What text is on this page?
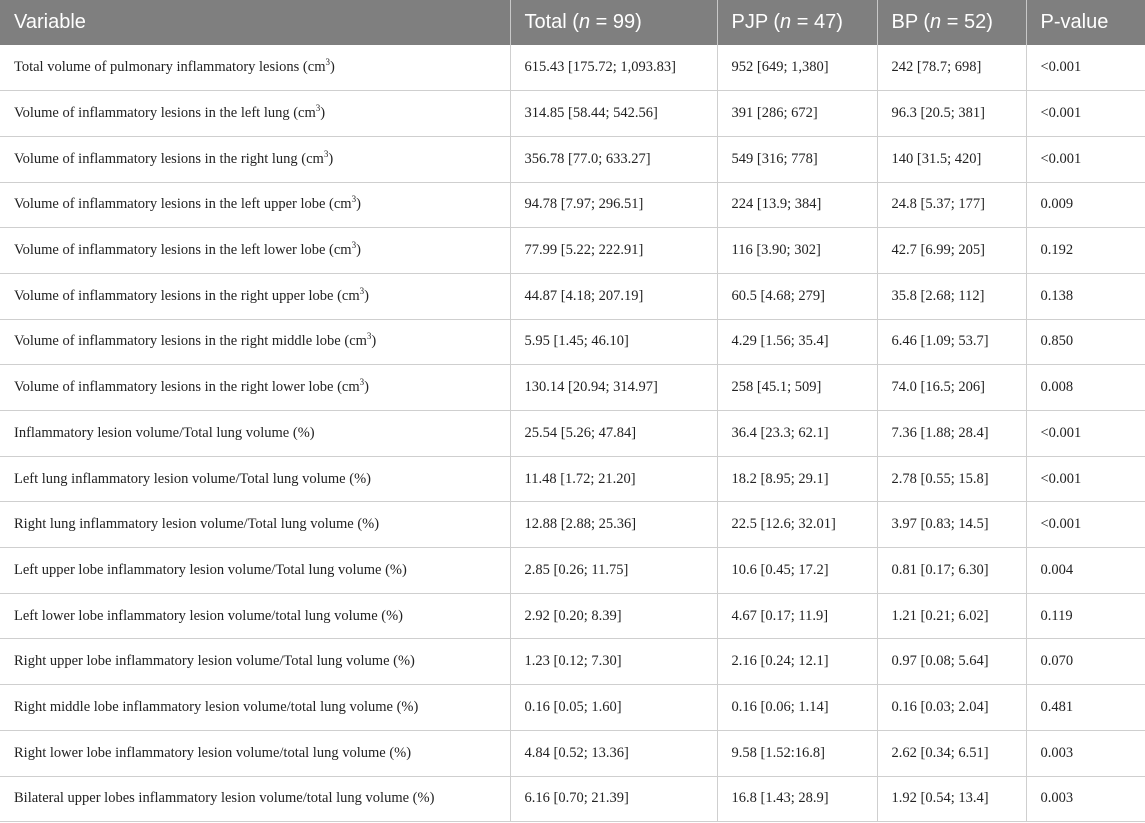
Variable	Total (n = 99)	PJP (n = 47)	BP (n = 52)	P-value
Total volume of pulmonary inflammatory lesions $(cm^3)$	615.43 [175.72; 1,093.83]	952 [649; 1,380]	242 [78.7; 698]	<0.001
Volume of inflammatory lesions in the left lung $(cm^3)$	314.85 [58.44; 542.56]	391 [286; 672]	96.3 [20.5; 381]	<0.001
Volume of inflammatory lesions in the right lung $(cm^3)$	356.78 [77.0; 633.27]	549 [316; 778]	140 [31.5; 420]	<0.001
Volume of inflammatory lesions in the left upper lobe $(cm^3)$	94.78 [7.97; 296.51]	224 [13.9; 384]	24.8 [5.37; 177]	0.009
Volume of inflammatory lesions in the left lower lobe $(cm^3)$	77.99 [5.22; 222.91]	116 [3.90; 302]	42.7 [6.99; 205]	0.192
Volume of inflammatory lesions in the right upper lobe $(cm^3)$	44.87 [4.18; 207.19]	60.5 [4.68; 279]	35.8 [2.68; 112]	0.138
Volume of inflammatory lesions in the right middle lobe $(cm^3)$	5.95 [1.45; 46.10]	4.29 [1.56; 35.4]	6.46 [1.09; 53.7]	0.850
Volume of inflammatory lesions in the right lower lobe $(cm^3)$	130.14 [20.94; 314.97]	258 [45.1; 509]	74.0 [16.5; 206]	0.008
Inflammatory lesion volume/Total lung volume (%)	25.54 [5.26; 47.84]	36.4 [23.3; 62.1]	7.36 [1.88; 28.4]	<0.001
Left lung inflammatory lesion volume/Total lung volume (%)	11.48 [1.72; 21.20]	18.2 [8.95; 29.1]	2.78 [0.55; 15.8]	<0.001
Right lung inflammatory lesion volume/Total lung volume (%)	12.88 [2.88; 25.36]	22.5 [12.6; 32.01]	3.97 [0.83; 14.5]	<0.001
Left upper lobe inflammatory lesion volume/Total lung volume (%)	2.85 [0.26; 11.75]	10.6 [0.45; 17.2]	0.81 [0.17; 6.30]	0.004
Left lower lobe inflammatory lesion volume/total lung volume (%)	2.92 [0.20; 8.39]	4.67 [0.17; 11.9]	1.21 [0.21; 6.02]	0.119
Right upper lobe inflammatory lesion volume/Total lung volume (%)	1.23 [0.12; 7.30]	2.16 [0.24; 12.1]	0.97 [0.08; 5.64]	0.070
Right middle lobe inflammatory lesion volume/total lung volume (%)	0.16 [0.05; 1.60]	0.16 [0.06; 1.14]	0.16 [0.03; 2.04]	0.481
Right lower lobe inflammatory lesion volume/total lung volume (%)	4.84 [0.52; 13.36]	9.58 [1.52:16.8]	2.62 [0.34; 6.51]	0.003
Bilateral upper lobes inflammatory lesion volume/total lung volume (%)	6.16 [0.70; 21.39]	16.8 [1.43; 28.9]	1.92 [0.54; 13.4]	0.003
